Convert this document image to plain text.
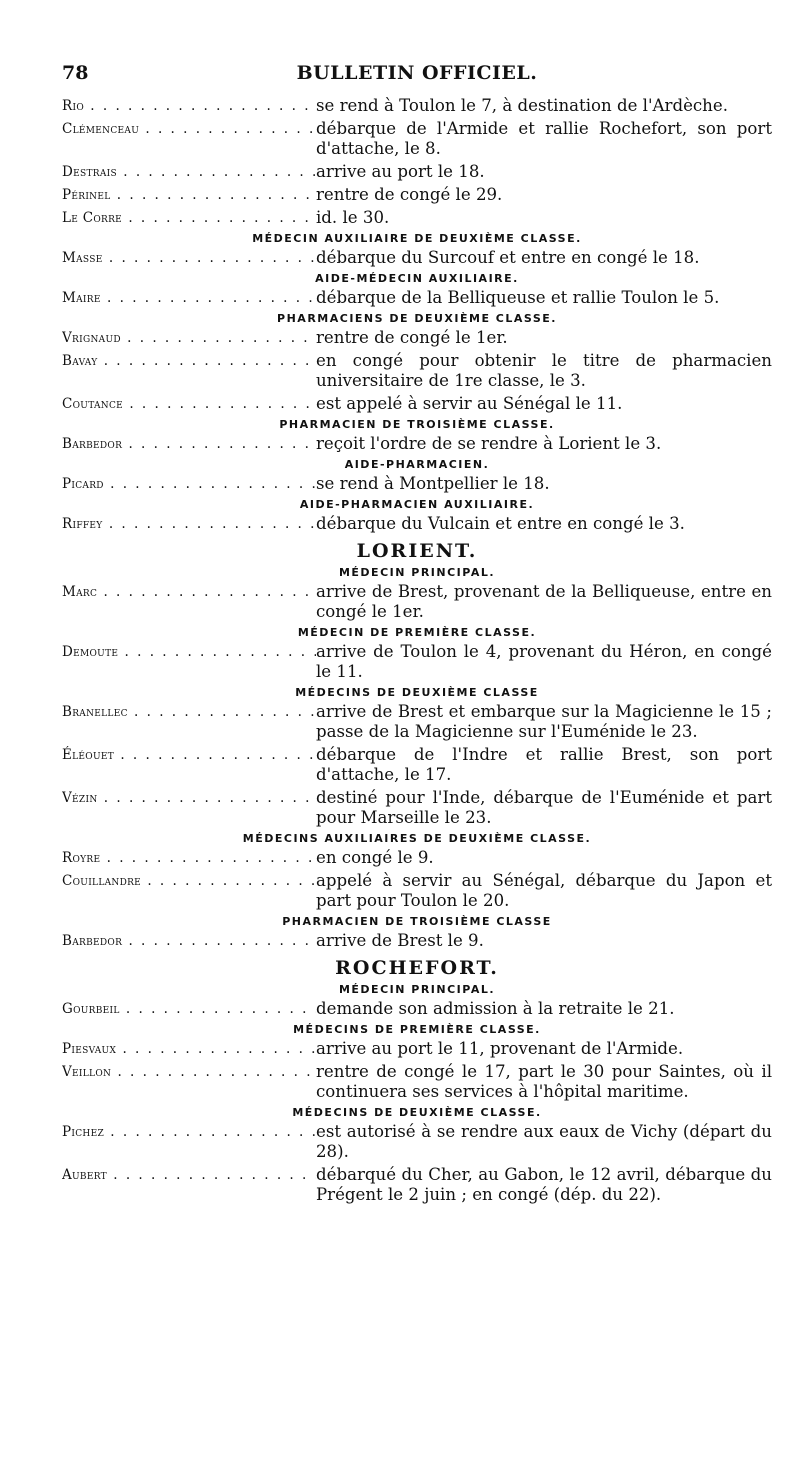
78	BULLETIN OFFICIEL.
Rio . . .	se rend à Toulon le 7, à destination de l'Ardèche.
Clémenceau . . .	débarque de l'Armide et rallie Rochefort, son port d'attache, le 8.
Destrais . . .	arrive au port le 18.
Périnel . . .	rentre de congé le 29.
Le Corre . . .	id. le 30.
MÉDECIN AUXILIAIRE DE DEUXIÈME CLASSE.
Masse . . .	débarque du Surcouf et entre en congé le 18.
AIDE-MÉDECIN AUXILIAIRE.
Maire . . .	débarque de la Belliqueuse et rallie Toulon le 5.
PHARMACIENS DE DEUXIÈME CLASSE.
Vrignaud . . .	rentre de congé le 1er.
Bavay . . .	en congé pour obtenir le titre de pharmacien universitaire de 1re classe, le 3.
Coutance . . .	est appelé à servir au Sénégal le 11.
PHARMACIEN DE TROISIÈME CLASSE.
Barbedor . . .	reçoit l'ordre de se rendre à Lorient le 3.
AIDE-PHARMACIEN.
Picard . . .	se rend à Montpellier le 18.
AIDE-PHARMACIEN AUXILIAIRE.
Riffey . . .	débarque du Vulcain et entre en congé le 3.
LORIENT.
MÉDECIN PRINCIPAL.
Marc . . .	arrive de Brest, provenant de la Belliqueuse, entre en congé le 1er.
MÉDECIN DE PREMIÈRE CLASSE.
Demoute . . .	arrive de Toulon le 4, provenant du Héron, en congé le 11.
MÉDECINS DE DEUXIÈME CLASSE
Branellec . . .	arrive de Brest et embarque sur la Magicienne le 15 ; passe de la Magicienne sur l'Euménide le 23.
Éléouet . . .	débarque de l'Indre et rallie Brest, son port d'attache, le 17.
Vézin . . .	destiné pour l'Inde, débarque de l'Euménide et part pour Marseille le 23.
MÉDECINS AUXILIAIRES DE DEUXIÈME CLASSE.
Royre . . .	en congé le 9.
Couillandre . . .	appelé à servir au Sénégal, débarque du Japon et part pour Toulon le 20.
PHARMACIEN DE TROISIÈME CLASSE
Barbedor . . .	arrive de Brest le 9.
ROCHEFORT.
MÉDECIN PRINCIPAL.
Gourbeil . . .	demande son admission à la retraite le 21.
MÉDECINS DE PREMIÈRE CLASSE.
Piesvaux . . .	arrive au port le 11, provenant de l'Armide.
Veillon . . .	rentre de congé le 17, part le 30 pour Saintes, où il continuera ses services à l'hôpital maritime.
MÉDECINS DE DEUXIÈME CLASSE.
Pichez . . .	est autorisé à se rendre aux eaux de Vichy (départ du 28).
Aubert . . .	débarqué du Cher, au Gabon, le 12 avril, débarque du Prégent le 2 juin ; en congé (dép. du 22).
